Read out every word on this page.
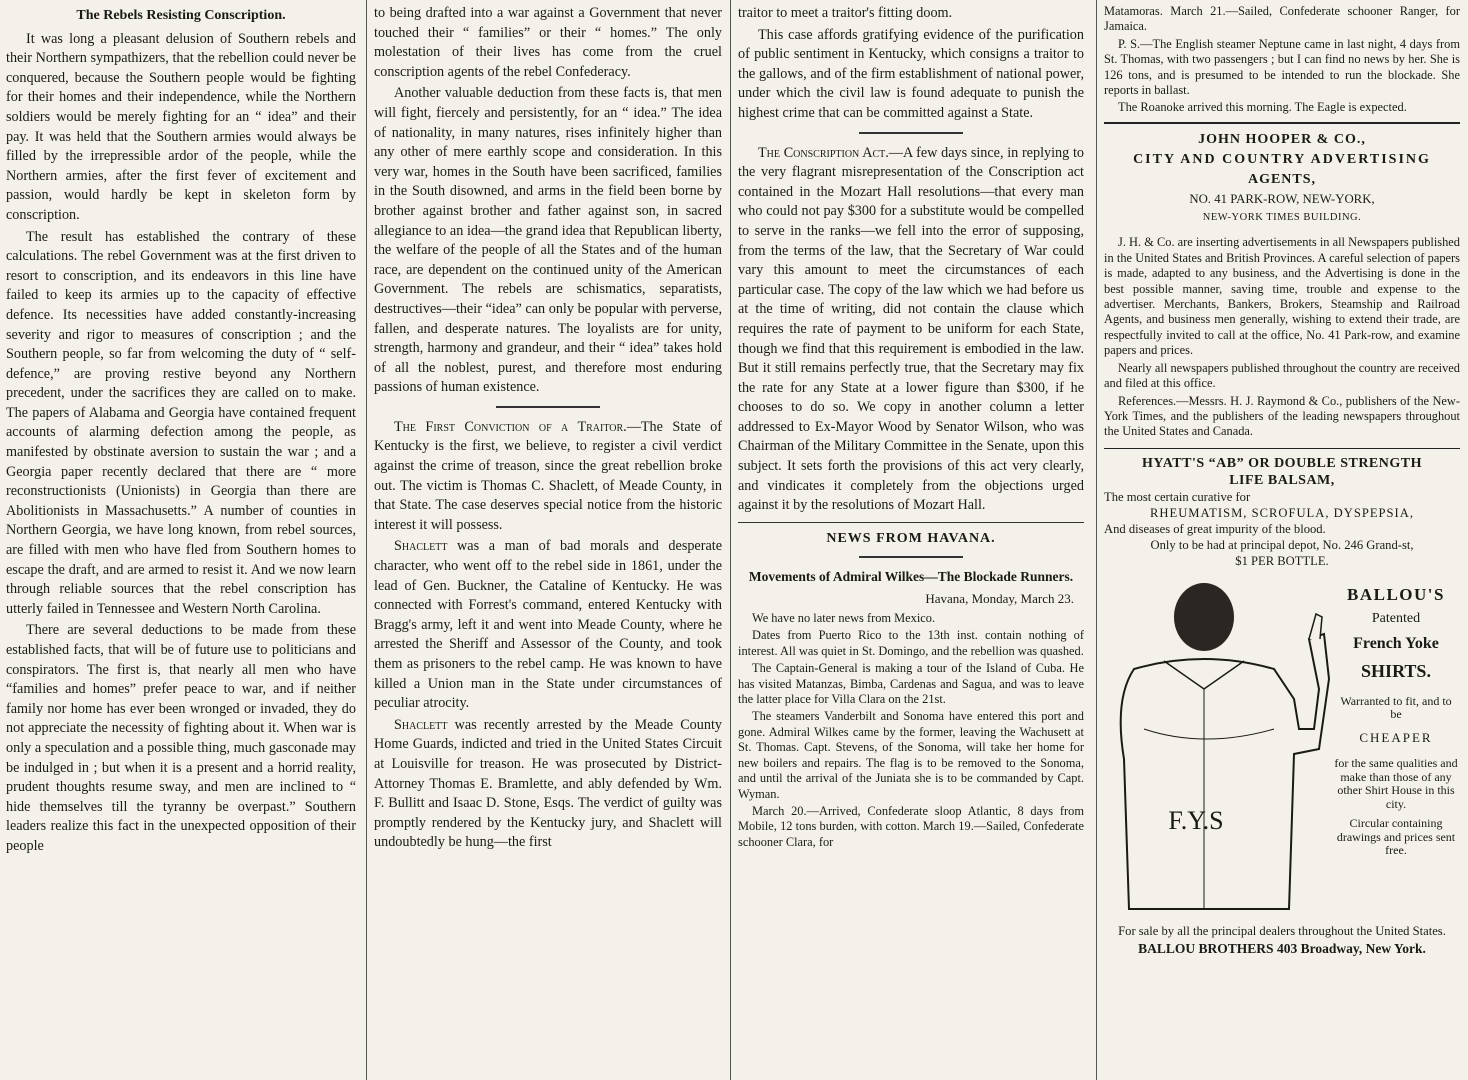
The Rebels Resisting Conscription.

It was long a pleasant delusion of Southern rebels and their Northern sympathizers, that the rebellion could never be conquered, because the Southern people would be fighting for their homes and their independence, while the Northern soldiers would be merely fighting for an “ idea” and their pay. It was held that the Southern armies would always be filled by the irrepressible ardor of the people, while the Northern armies, after the first fever of excitement and passion, would hardly be kept in skeleton form by conscription.

The result has established the contrary of these calculations. The rebel Government was at the first driven to resort to conscription, and its endeavors in this line have failed to keep its armies up to the capacity of effective defence. Its necessities have added constantly-increasing severity and rigor to measures of conscription ; and the Southern people, so far from welcoming the duty of “ self-defence,” are proving restive beyond any Northern precedent, under the sacrifices they are called on to make. The papers of Alabama and Georgia have contained frequent accounts of alarming defection among the people, as manifested by obstinate aversion to sustain the war ; and a Georgia paper recently declared that there are “ more reconstructionists (Unionists) in Georgia than there are Abolitionists in Massachusetts.” A number of counties in Northern Georgia, we have long known, from rebel sources, are filled with men who have fled from Southern homes to escape the draft, and are armed to resist it. And we now learn through reliable sources that the rebel conscription has utterly failed in Tennessee and Western North Carolina.

There are several deductions to be made from these established facts, that will be of future use to politicians and conspirators. The first is, that nearly all men who have “families and homes” prefer peace to war, and if neither family nor home has ever been wronged or invaded, they do not appreciate the necessity of fighting about it. When war is only a speculation and a possible thing, much gasconade may be indulged in ; but when it is a present and a horrid reality, prudent thoughts resume sway, and men are inclined to “ hide themselves till the tyranny be overpast.” Southern leaders realize this fact in the unexpected opposition of their people

to being drafted into a war against a Government that never touched their “ families” or their “ homes.” The only molestation of their lives has come from the cruel conscription agents of the rebel Confederacy.

Another valuable deduction from these facts is, that men will fight, fiercely and persistently, for an “ idea.” The idea of nationality, in many natures, rises infinitely higher than any other of mere earthly scope and consideration. In this very war, homes in the South have been sacrificed, families in the South disowned, and arms in the field been borne by brother against brother and father against son, in sacred allegiance to an idea—the grand idea that Republican liberty, the welfare of the people of all the States and of the human race, are dependent on the continued unity of the American Government. The rebels are schismatics, separatists, destructives—their “idea” can only be popular with perverse, fallen, and desperate natures. The loyalists are for unity, strength, harmony and grandeur, and their “ idea” takes hold of all the noblest, purest, and therefore most enduring passions of human existence.

The First Conviction of a Traitor.—The State of Kentucky is the first, we believe, to register a civil verdict against the crime of treason, since the great rebellion broke out. The victim is Thomas C. Shaclett, of Meade County, in that State. The case deserves special notice from the historic interest it will possess.

Shaclett was a man of bad morals and desperate character, who went off to the rebel side in 1861, under the lead of Gen. Buckner, the Cataline of Kentucky. He was connected with Forrest's command, entered Kentucky with Bragg's army, left it and went into Meade County, where he arrested the Sheriff and Assessor of the County, and took them as prisoners to the rebel camp. He was known to have killed a Union man in the State under circumstances of peculiar atrocity.

Shaclett was recently arrested by the Meade County Home Guards, indicted and tried in the United States Circuit at Louisville for treason. He was prosecuted by District-Attorney Thomas E. Bramlette, and ably defended by Wm. F. Bullitt and Isaac D. Stone, Esqs. The verdict of guilty was promptly rendered by the Kentucky jury, and Shaclett will undoubtedly be hung—the first

traitor to meet a traitor's fitting doom.

This case affords gratifying evidence of the purification of public sentiment in Kentucky, which consigns a traitor to the gallows, and of the firm establishment of national power, under which the civil law is found adequate to punish the highest crime that can be committed against a State.

The Conscription Act.—A few days since, in replying to the very flagrant misrepresentation of the Conscription act contained in the Mozart Hall resolutions—that every man who could not pay $300 for a substitute would be compelled to serve in the ranks—we fell into the error of supposing, from the terms of the law, that the Secretary of War could vary this amount to meet the circumstances of each particular case. The copy of the law which we had before us at the time of writing, did not contain the clause which requires the rate of payment to be uniform for each State, though we find that this requirement is embodied in the law. But it still remains perfectly true, that the Secretary may fix the rate for any State at a lower figure than $300, if he chooses to do so. We copy in another column a letter addressed to Ex-Mayor Wood by Senator Wilson, who was Chairman of the Military Committee in the Senate, upon this subject. It sets forth the provisions of this act very clearly, and vindicates it completely from the objections urged against it by the resolutions of Mozart Hall.

NEWS FROM HAVANA.
Movements of Admiral Wilkes—The Blockade Runners.
Havana, Monday, March 23.

We have no later news from Mexico.

Dates from Puerto Rico to the 13th inst. contain nothing of interest. All was quiet in St. Domingo, and the rebellion was quashed.

The Captain-General is making a tour of the Island of Cuba. He has visited Matanzas, Bimba, Cardenas and Sagua, and was to leave the latter place for Villa Clara on the 21st.

The steamers Vanderbilt and Sonoma have entered this port and gone. Admiral Wilkes came by the former, leaving the Wachusett at St. Thomas. Capt. Stevens, of the Sonoma, will take her home for new boilers and repairs. The flag is to be removed to the Sonoma, and until the arrival of the Juniata she is to be commanded by Capt. Wyman.

March 20.—Arrived, Confederate sloop Atlantic, 8 days from Mobile, 12 tons burden, with cotton. March 19.—Sailed, Confederate schooner Clara, for

Matamoras. March 21.—Sailed, Confederate schooner Ranger, for Jamaica.

P. S.—The English steamer Neptune came in last night, 4 days from St. Thomas, with two passengers ; but I can find no news by her. She is 126 tons, and is presumed to be intended to run the blockade. She reports in ballast.

The Roanoke arrived this morning. The Eagle is expected.

JOHN HOOPER & CO.,
CITY AND COUNTRY ADVERTISING
AGENTS,
NO. 41 PARK-ROW, NEW-YORK,
NEW-YORK TIMES BUILDING.

J. H. & Co. are inserting advertisements in all Newspapers published in the United States and British Provinces. A careful selection of papers is made, adapted to any business, and the Advertising is done in the best possible manner, saving time, trouble and expense to the advertiser. Merchants, Bankers, Brokers, Steamship and Railroad Agents, and business men generally, wishing to extend their trade, are respectfully invited to call at the office, No. 41 Park-row, and examine papers and prices.

Nearly all newspapers published throughout the country are received and filed at this office.

References.—Messrs. H. J. Raymond & Co., publishers of the New-York Times, and the publishers of the leading newspapers throughout the United States and Canada.

HYATT'S “AB” OR DOUBLE STRENGTH
LIFE BALSAM,

The most certain curative for

RHEUMATISM, SCROFULA, DYSPEPSIA,

And diseases of great impurity of the blood.

Only to be had at principal depot, No. 246 Grand-st,

$1 PER BOTTLE.

F.Y.S
BALLOU'S
Patented
French Yoke
SHIRTS.
Warranted to fit, and to be
CHEAPER
for the same qualities and make than those of any other Shirt House in this city.
Circular containing drawings and prices sent free.
For sale by all the principal dealers throughout the United States.
BALLOU BROTHERS 403 Broadway, New York.
